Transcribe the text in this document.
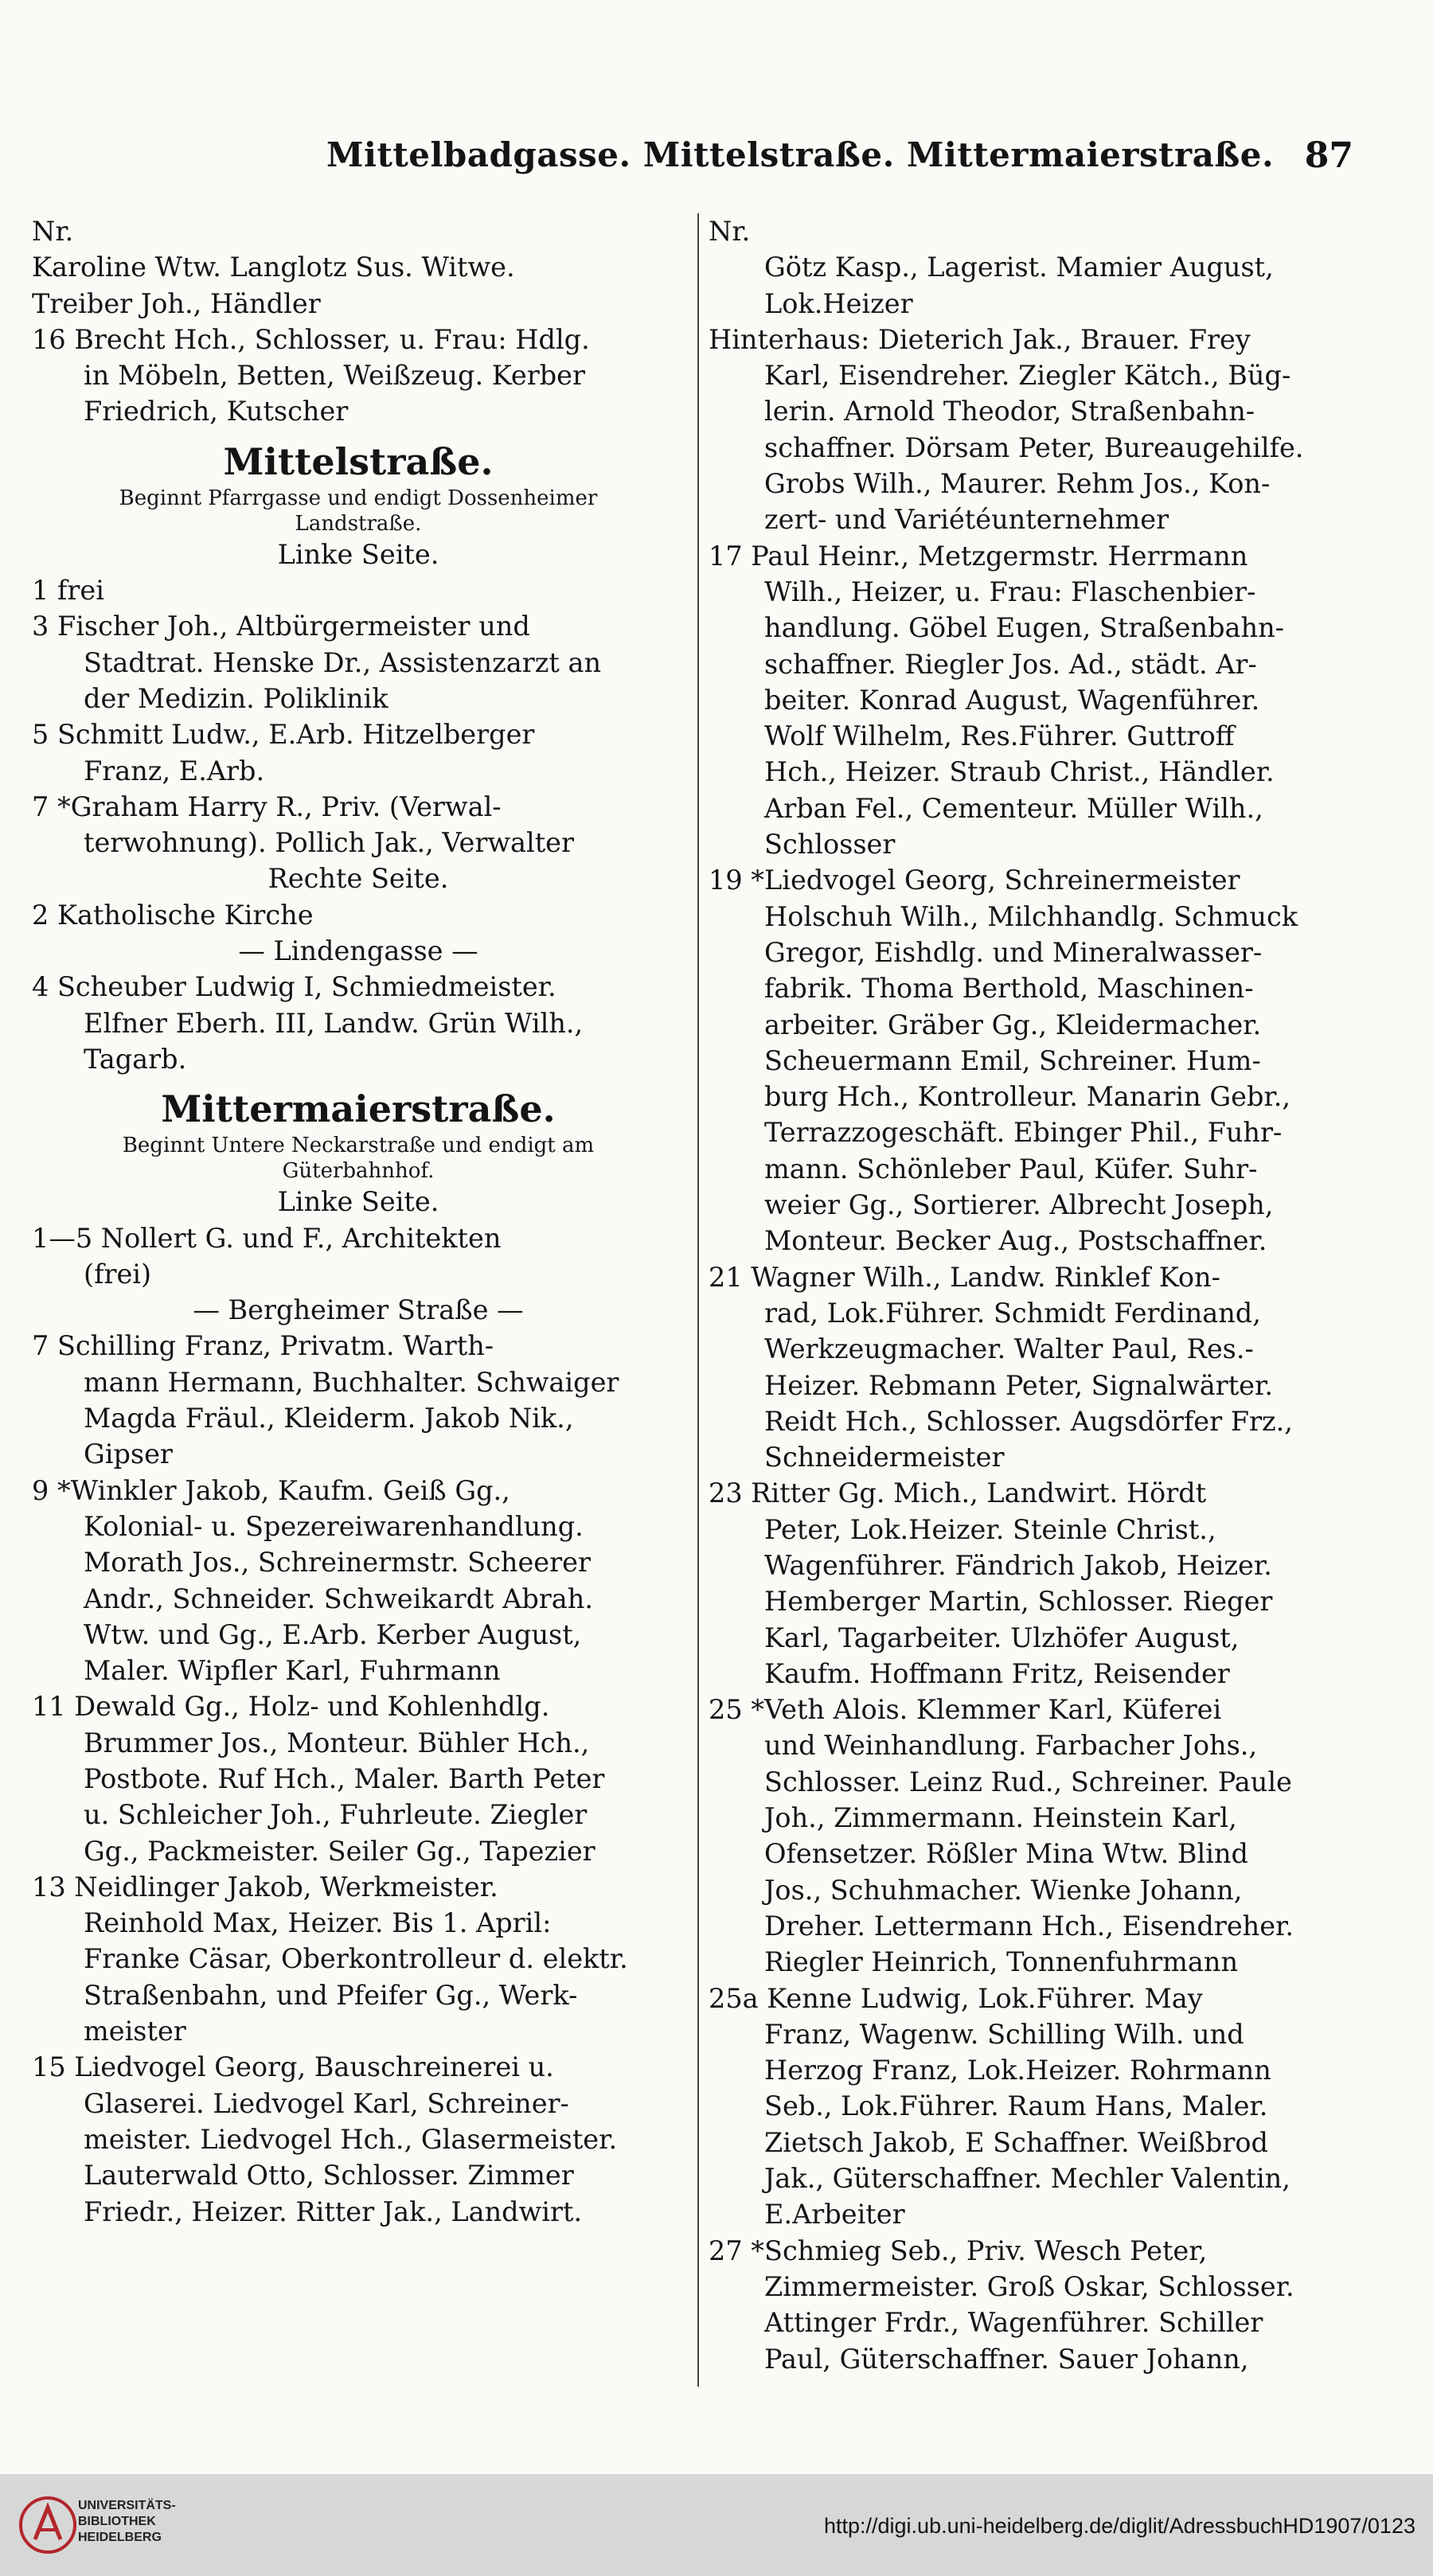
Mittelbadgasse. Mittelstraße. Mittermaierstraße. 87
Nr.
Karoline Wtw. Langlotz Sus. Witwe.
Treiber Joh., Händler
16 Brecht Hch., Schlosser, u. Frau: Hdlg.
in Möbeln, Betten, Weißzeug. Kerber
Friedrich, Kutscher
Mittelstraße.
Beginnt Pfarrgasse und endigt Dossenheimer
Landstraße.
Linke Seite.
1 frei
3 Fischer Joh., Altbürgermeister und
Stadtrat. Henske Dr., Assistenzarzt an
der Medizin. Poliklinik
5 Schmitt Ludw., E.Arb. Hitzelberger
Franz, E.Arb.
7 *Graham Harry R., Priv. (Verwal-
terwohnung). Pollich Jak., Verwalter
Rechte Seite.
2 Katholische Kirche
— Lindengasse —
4 Scheuber Ludwig I, Schmiedmeister.
Elfner Eberh. III, Landw. Grün Wilh.,
Tagarb.
Mittermaierstraße.
Beginnt Untere Neckarstraße und endigt am
Güterbahnhof.
Linke Seite.
1—5 Nollert G. und F., Architekten
(frei)
— Bergheimer Straße —
7 Schilling Franz, Privatm. Warth-
mann Hermann, Buchhalter. Schwaiger
Magda Fräul., Kleiderm. Jakob Nik.,
Gipser
9 *Winkler Jakob, Kaufm. Geiß Gg.,
Kolonial- u. Spezereiwarenhandlung.
Morath Jos., Schreinermstr. Scheerer
Andr., Schneider. Schweikardt Abrah.
Wtw. und Gg., E.Arb. Kerber August,
Maler. Wipfler Karl, Fuhrmann
11 Dewald Gg., Holz- und Kohlenhdlg.
Brummer Jos., Monteur. Bühler Hch.,
Postbote. Ruf Hch., Maler. Barth Peter
u. Schleicher Joh., Fuhrleute. Ziegler
Gg., Packmeister. Seiler Gg., Tapezier
13 Neidlinger Jakob, Werkmeister.
Reinhold Max, Heizer. Bis 1. April:
Franke Cäsar, Oberkontrolleur d. elektr.
Straßenbahn, und Pfeifer Gg., Werk-
meister
15 Liedvogel Georg, Bauschreinerei u.
Glaserei. Liedvogel Karl, Schreiner-
meister. Liedvogel Hch., Glasermeister.
Lauterwald Otto, Schlosser. Zimmer
Friedr., Heizer. Ritter Jak., Landwirt.
Nr.
Götz Kasp., Lagerist. Mamier August,
Lok.Heizer
Hinterhaus: Dieterich Jak., Brauer. Frey
Karl, Eisendreher. Ziegler Kätch., Büg-
lerin. Arnold Theodor, Straßenbahn-
schaffner. Dörsam Peter, Bureaugehilfe.
Grobs Wilh., Maurer. Rehm Jos., Kon-
zert- und Variétéunternehmer
17 Paul Heinr., Metzgermstr. Herrmann
Wilh., Heizer, u. Frau: Flaschenbier-
handlung. Göbel Eugen, Straßenbahn-
schaffner. Riegler Jos. Ad., städt. Ar-
beiter. Konrad August, Wagenführer.
Wolf Wilhelm, Res.Führer. Guttroff
Hch., Heizer. Straub Christ., Händler.
Arban Fel., Cementeur. Müller Wilh.,
Schlosser
19 *Liedvogel Georg, Schreinermeister
Holschuh Wilh., Milchhandlg. Schmuck
Gregor, Eishdlg. und Mineralwasser-
fabrik. Thoma Berthold, Maschinen-
arbeiter. Gräber Gg., Kleidermacher.
Scheuermann Emil, Schreiner. Hum-
burg Hch., Kontrolleur. Manarin Gebr.,
Terrazzogeschäft. Ebinger Phil., Fuhr-
mann. Schönleber Paul, Küfer. Suhr-
weier Gg., Sortierer. Albrecht Joseph,
Monteur. Becker Aug., Postschaffner.
21 Wagner Wilh., Landw. Rinklef Kon-
rad, Lok.Führer. Schmidt Ferdinand,
Werkzeugmacher. Walter Paul, Res.-
Heizer. Rebmann Peter, Signalwärter.
Reidt Hch., Schlosser. Augsdörfer Frz.,
Schneidermeister
23 Ritter Gg. Mich., Landwirt. Hördt
Peter, Lok.Heizer. Steinle Christ.,
Wagenführer. Fändrich Jakob, Heizer.
Hemberger Martin, Schlosser. Rieger
Karl, Tagarbeiter. Ulzhöfer August,
Kaufm. Hoffmann Fritz, Reisender
25 *Veth Alois. Klemmer Karl, Küferei
und Weinhandlung. Farbacher Johs.,
Schlosser. Leinz Rud., Schreiner. Paule
Joh., Zimmermann. Heinstein Karl,
Ofensetzer. Rößler Mina Wtw. Blind
Jos., Schuhmacher. Wienke Johann,
Dreher. Lettermann Hch., Eisendreher.
Riegler Heinrich, Tonnenfuhrmann
25a Kenne Ludwig, Lok.Führer. May
Franz, Wagenw. Schilling Wilh. und
Herzog Franz, Lok.Heizer. Rohrmann
Seb., Lok.Führer. Raum Hans, Maler.
Zietsch Jakob, E Schaffner. Weißbrod
Jak., Güterschaffner. Mechler Valentin,
E.Arbeiter
27 *Schmieg Seb., Priv. Wesch Peter,
Zimmermeister. Groß Oskar, Schlosser.
Attinger Frdr., Wagenführer. Schiller
Paul, Güterschaffner. Sauer Johann,
UNIVERSITÄTS-
BIBLIOTHEK
HEIDELBERG	http://digi.ub.uni-heidelberg.de/diglit/AdressbuchHD1907/0123
